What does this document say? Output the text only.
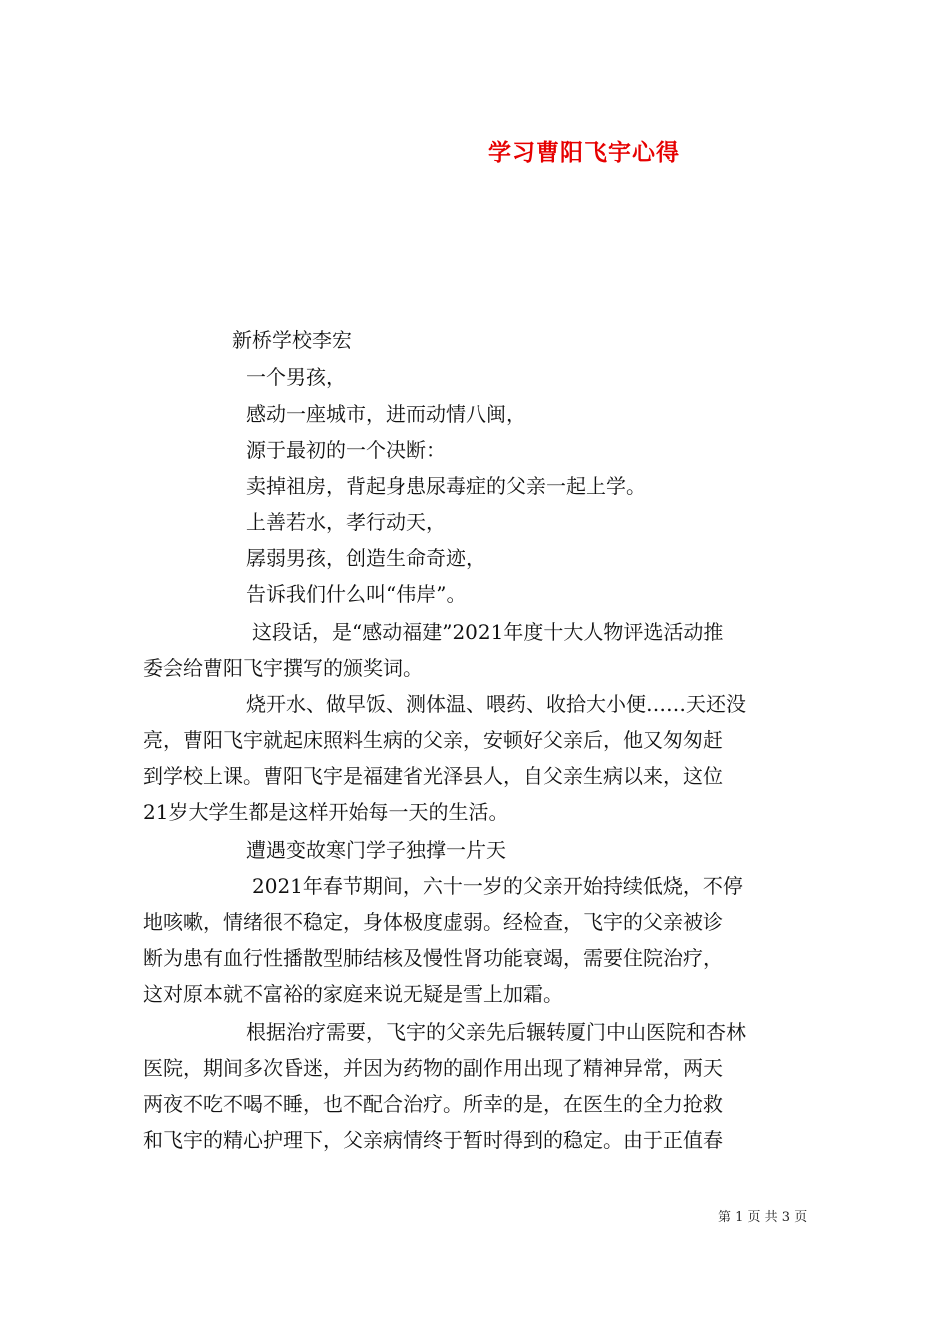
学习曹阳飞宇心得
新桥学校李宏
一个男孩，
感动一座城市，进而动情八闽，
源于最初的一个决断：
卖掉祖房，背起身患尿毒症的父亲一起上学。
上善若水，孝行动天，
孱弱男孩，创造生命奇迹，
告诉我们什么叫“伟岸”。
这段话，是“感动福建”2021年度十大人物评选活动推
委会给曹阳飞宇撰写的颁奖词。
烧开水、做早饭、测体温、喂药、收拾大小便……天还没
亮，曹阳飞宇就起床照料生病的父亲，安顿好父亲后，他又匆匆赶
到学校上课。曹阳飞宇是福建省光泽县人，自父亲生病以来，这位
21岁大学生都是这样开始每一天的生活。
遭遇变故寒门学子独撑一片天
2021年春节期间，六十一岁的父亲开始持续低烧，不停
地咳嗽，情绪很不稳定，身体极度虚弱。经检查，飞宇的父亲被诊
断为患有血行性播散型肺结核及慢性肾功能衰竭，需要住院治疗，
这对原本就不富裕的家庭来说无疑是雪上加霜。
根据治疗需要，飞宇的父亲先后辗转厦门中山医院和杏林
医院，期间多次昏迷，并因为药物的副作用出现了精神异常，两天
两夜不吃不喝不睡，也不配合治疗。所幸的是，在医生的全力抢救
和飞宇的精心护理下，父亲病情终于暂时得到的稳定。由于正值春
第 1 页 共 3 页
